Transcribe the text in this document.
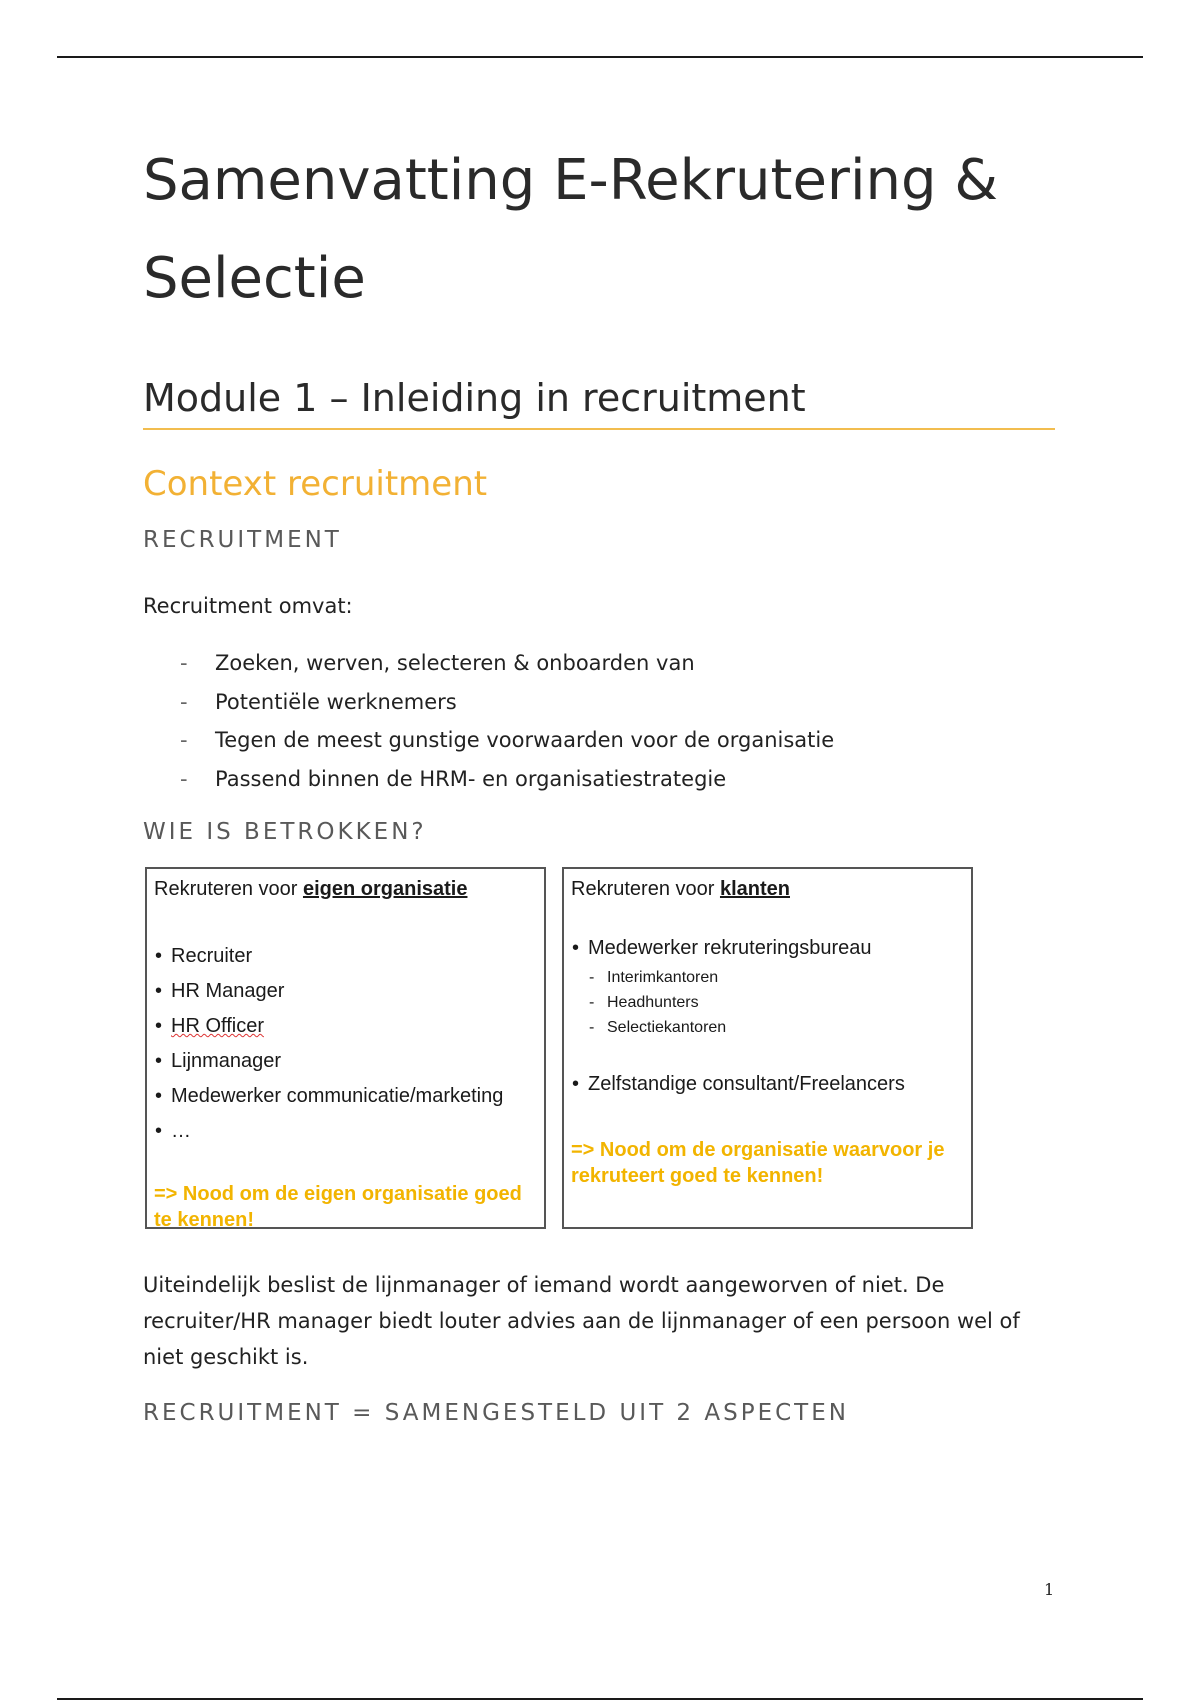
Samenvatting E-Rekrutering & Selectie
Module 1 – Inleiding in recruitment
Context recruitment
RECRUITMENT

Recruitment omvat:

- Zoeken, werven, selecteren & onboarden van
- Potentiële werknemers
- Tegen de meest gunstige voorwaarden voor de organisatie
- Passend binnen de HRM- en organisatiestrategie
WIE IS BETROKKEN?
Rekruteren voor eigen organisatie
• Recruiter
• HR Manager
• HR Officer
• Lijnmanager
• Medewerker communicatie/marketing
• …
=> Nood om de eigen organisatie goed te kennen!
Rekruteren voor klanten
• Medewerker rekruteringsbureau
- Interimkantoren
- Headhunters
- Selectiekantoren
• Zelfstandige consultant/Freelancers
=> Nood om de organisatie waarvoor je rekruteert goed te kennen!

Uiteindelijk beslist de lijnmanager of iemand wordt aangeworven of niet. De recruiter/HR manager biedt louter advies aan de lijnmanager of een persoon wel of niet geschikt is.

RECRUITMENT = SAMENGESTELD UIT 2 ASPECTEN
1
